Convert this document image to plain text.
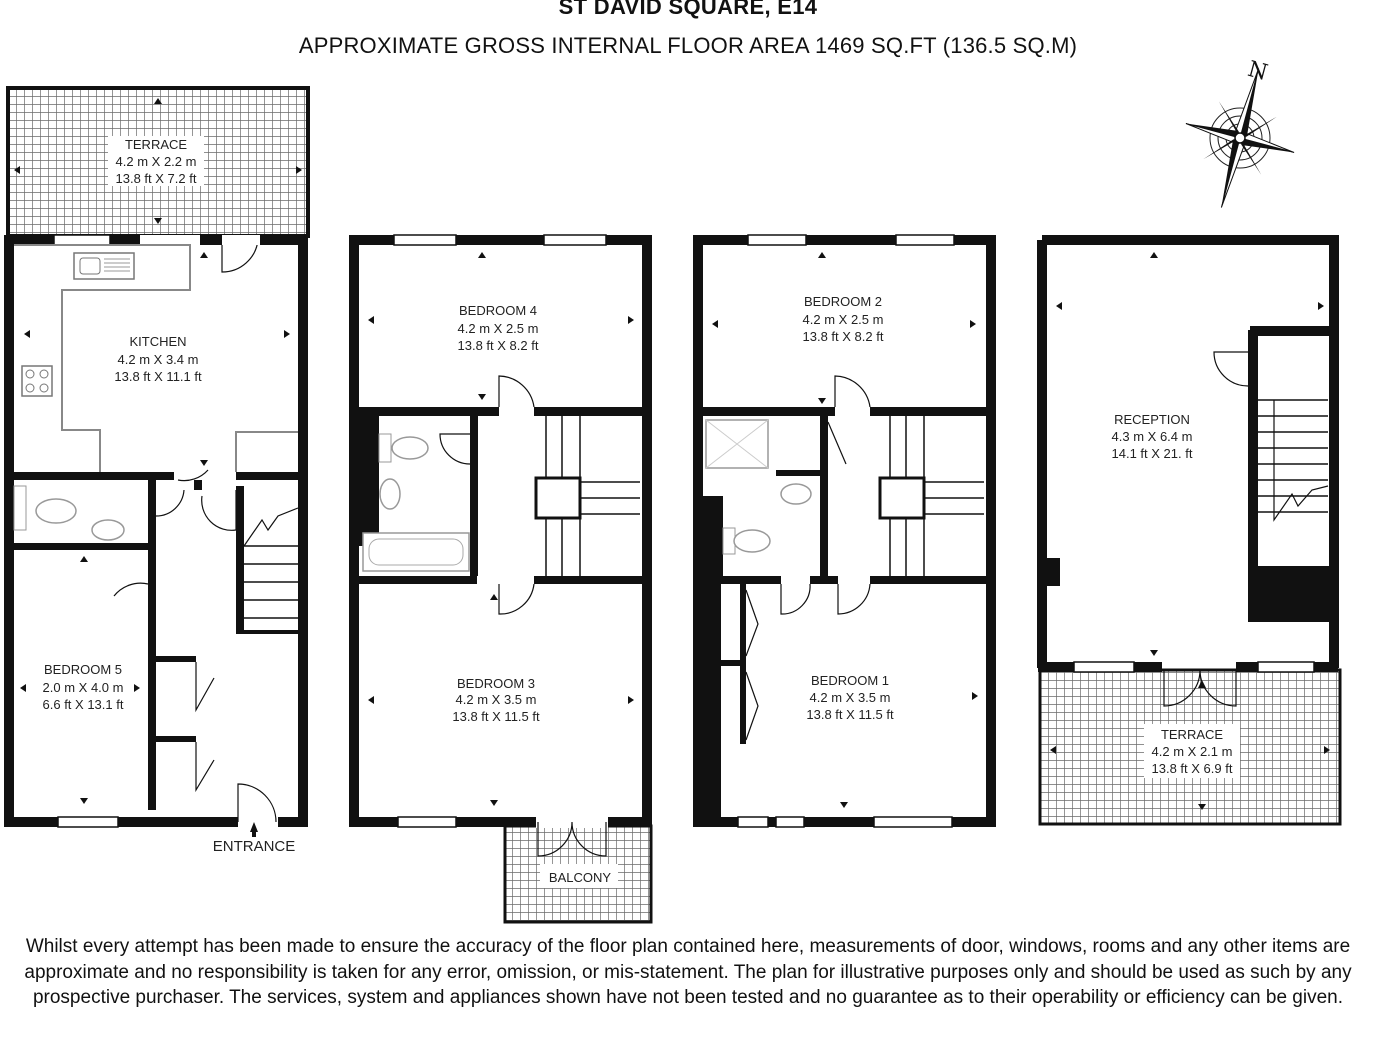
ST DAVID SQUARE, E14
APPROXIMATE GROSS INTERNAL FLOOR AREA 1469 SQ.FT (136.5 SQ.M)
N
TERRACE
4.2 m X 2.2 m
13.8 ft X 7.2 ft
KITCHEN
4.2 m X 3.4 m
13.8 ft X 11.1 ft
BEDROOM 5
2.0 m X 4.0 m
6.6 ft X 13.1 ft
ENTRANCE
BEDROOM 4
4.2 m X 2.5 m
13.8 ft X 8.2 ft
BEDROOM 3
4.2 m X 3.5 m
13.8 ft X 11.5 ft
BALCONY
BEDROOM 2
4.2 m X 2.5 m
13.8 ft X 8.2 ft
BEDROOM 1
4.2 m X 3.5 m
13.8 ft X 11.5 ft
RECEPTION
4.3 m X 6.4 m
14.1 ft X 21. ft
TERRACE
4.2 m X 2.1 m
13.8 ft X 6.9 ft
Whilst every attempt has been made to ensure the accuracy of the floor plan contained here, measurements of door, windows, rooms and any other items are approximate and no responsibility is taken for any error, omission, or mis-statement. The plan for illustrative purposes only and should be used as such by any prospective purchaser. The services, system and appliances shown have not been tested and no guarantee as to their operability or efficiency can be given.
